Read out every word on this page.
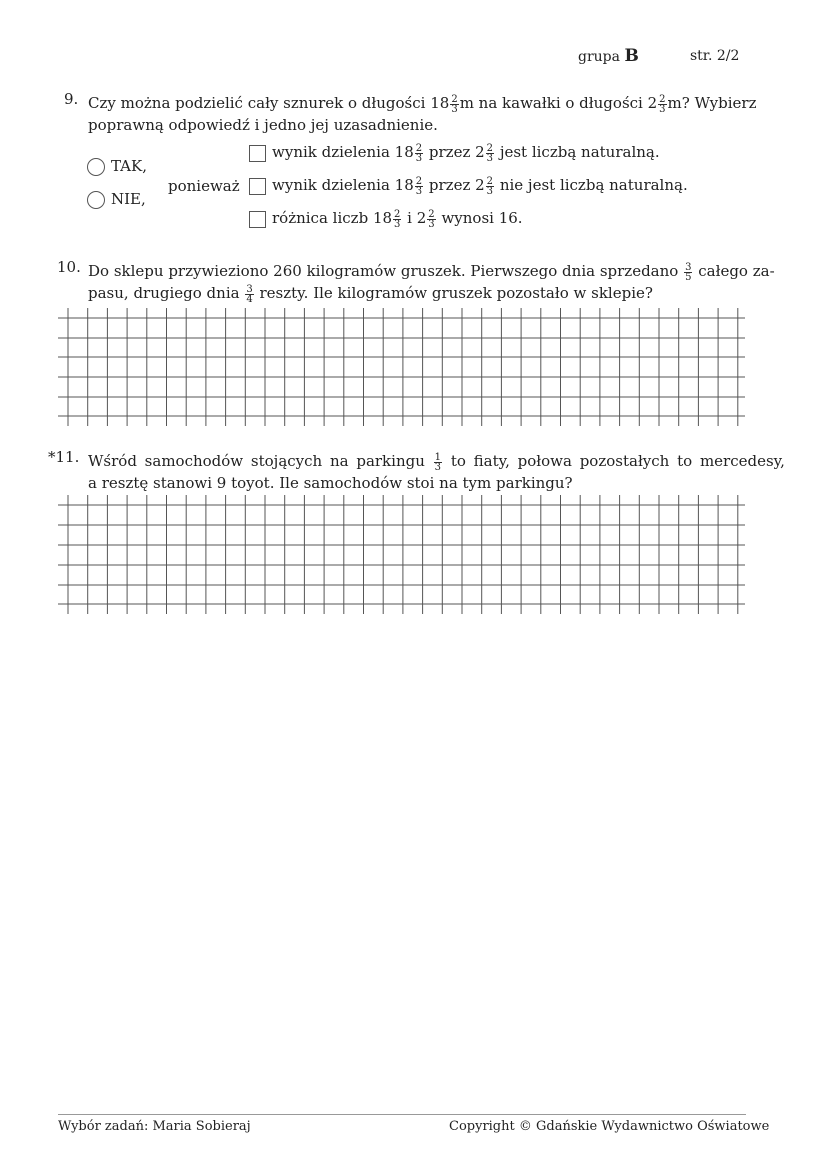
grupa B	str. 2/2
9. Czy można podzielić cały sznurek o długości $18 \frac{2}{3}$ m na kawałki o długości $2 \frac{2}{3} m$? Wybierz
poprawną odpowiedź i jedno jej uzasadnienie.
TAK,
NIE,
ponieważ
wynik dzielenia $18 \frac{2}{3}$ przez $2 \frac{2}{3}$ jest liczbą naturalną.
wynik dzielenia $18 \frac{2}{3}$ przez $2 \frac{2}{3}$ nie jest liczbą naturalną.
różnica liczb $18 \frac{2}{3}$ i $2 \frac{2}{3}$ wynosi 16.
10. Do sklepu przywieziono 260 kilogramów gruszek. Pierwszego dnia sprzedano $\frac{3}{5}$ całego za-
pasu, drugiego dnia $\frac{3}{4}$ reszty. Ile kilogramów gruszek pozostało w sklepie?
*11. Wśród samochodów stojących na parkingu $\frac{1}{3}$ to fiaty, połowa pozostałych to mercedesy,
a resztę stanowi 9 toyot. Ile samochodów stoi na tym parkingu?
Wybór zadań: Maria Sobieraj	Copyright © Gdańskie Wydawnictwo Oświatowe
